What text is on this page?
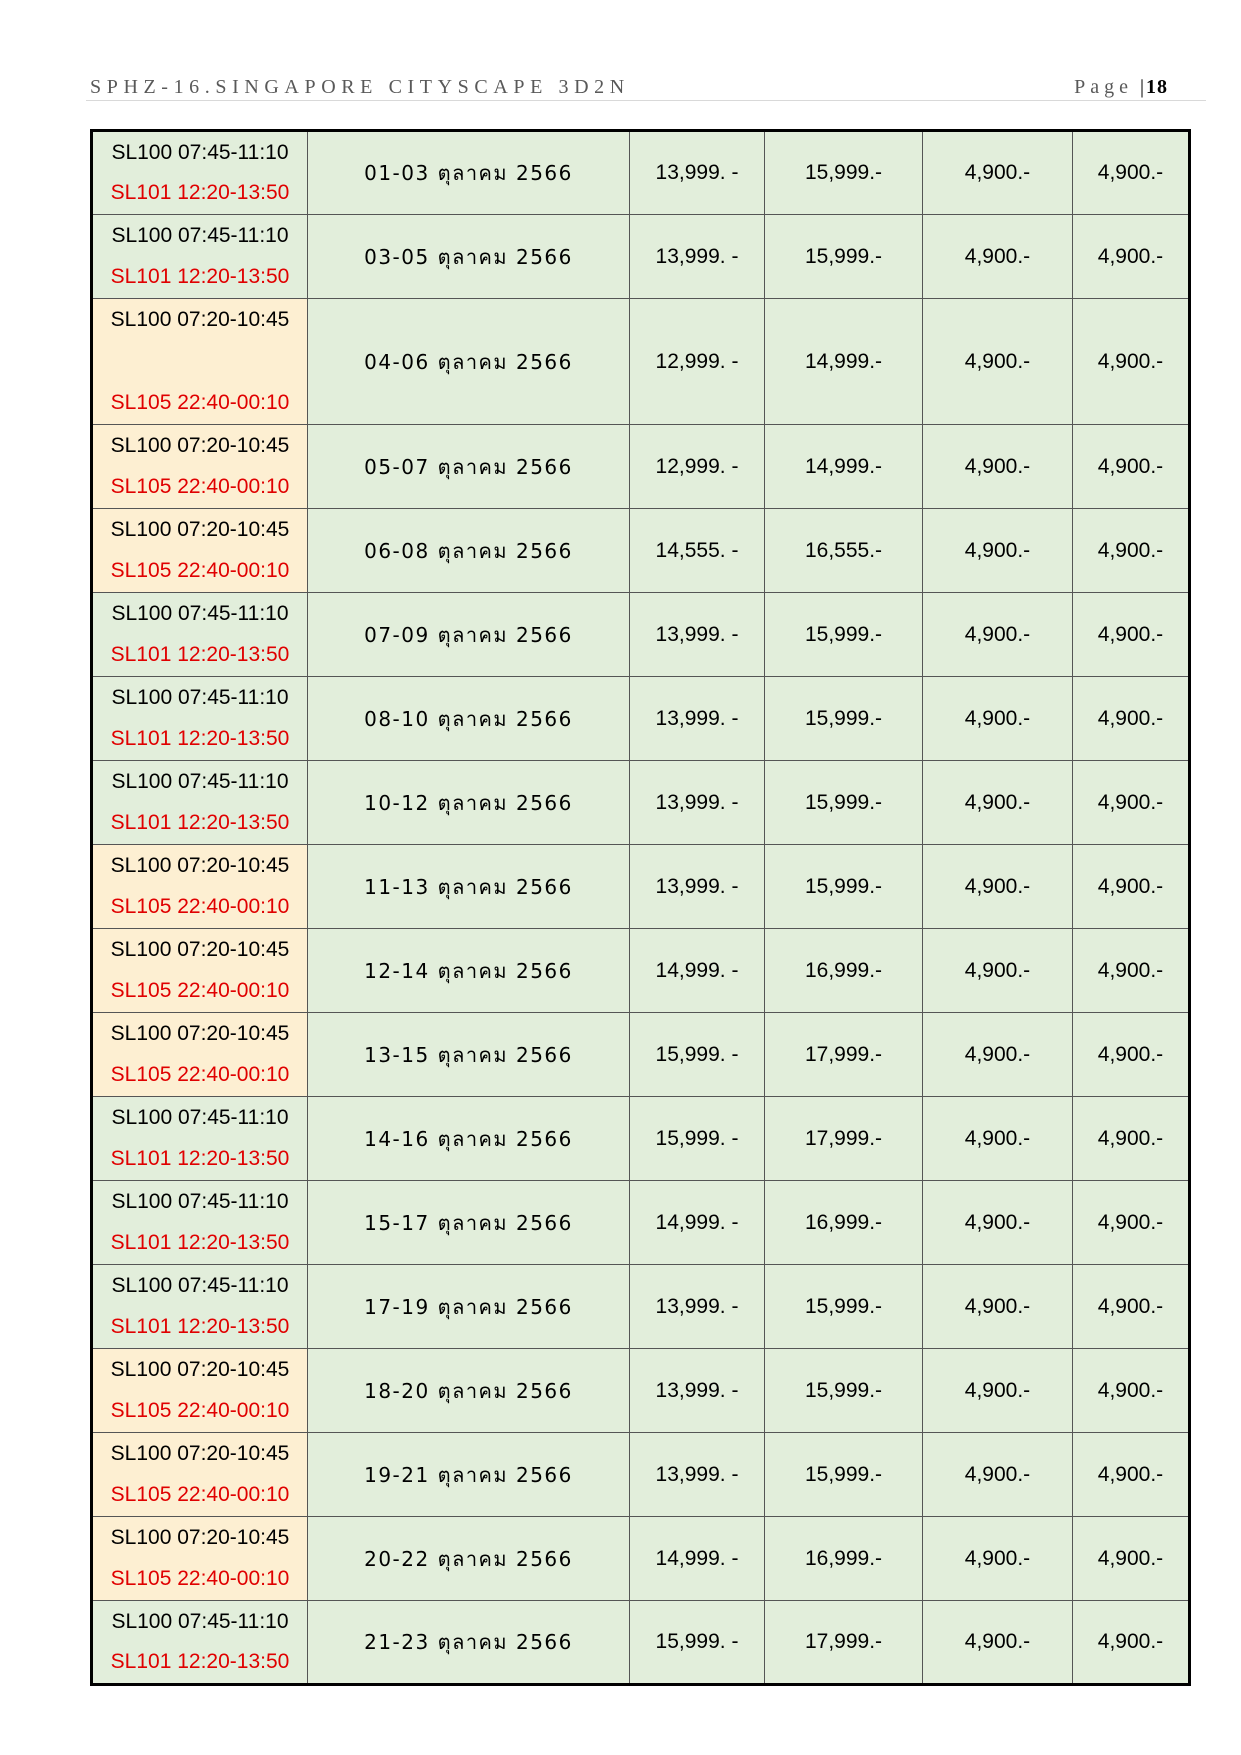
SPHZ-16.SINGAPORE CITYSCAPE 3D2N	Page | 18
SL100 07:45-11:10
SL101 12:20-13:50	01-03 ตุลาคม 2566	13,999. -	15,999.-	4,900.-	4,900.-

SL100 07:45-11:10
SL101 12:20-13:50	03-05 ตุลาคม 2566	13,999. -	15,999.-	4,900.-	4,900.-

SL100 07:20-10:45
SL105 22:40-00:10	04-06 ตุลาคม 2566	12,999. -	14,999.-	4,900.-	4,900.-

SL100 07:20-10:45
SL105 22:40-00:10	05-07 ตุลาคม 2566	12,999. -	14,999.-	4,900.-	4,900.-

SL100 07:20-10:45
SL105 22:40-00:10	06-08 ตุลาคม 2566	14,555. -	16,555.-	4,900.-	4,900.-

SL100 07:45-11:10
SL101 12:20-13:50	07-09 ตุลาคม 2566	13,999. -	15,999.-	4,900.-	4,900.-

SL100 07:45-11:10
SL101 12:20-13:50	08-10 ตุลาคม 2566	13,999. -	15,999.-	4,900.-	4,900.-

SL100 07:45-11:10
SL101 12:20-13:50	10-12 ตุลาคม 2566	13,999. -	15,999.-	4,900.-	4,900.-

SL100 07:20-10:45
SL105 22:40-00:10	11-13 ตุลาคม 2566	13,999. -	15,999.-	4,900.-	4,900.-

SL100 07:20-10:45
SL105 22:40-00:10	12-14 ตุลาคม 2566	14,999. -	16,999.-	4,900.-	4,900.-

SL100 07:20-10:45
SL105 22:40-00:10	13-15 ตุลาคม 2566	15,999. -	17,999.-	4,900.-	4,900.-

SL100 07:45-11:10
SL101 12:20-13:50	14-16 ตุลาคม 2566	15,999. -	17,999.-	4,900.-	4,900.-

SL100 07:45-11:10
SL101 12:20-13:50	15-17 ตุลาคม 2566	14,999. -	16,999.-	4,900.-	4,900.-

SL100 07:45-11:10
SL101 12:20-13:50	17-19 ตุลาคม 2566	13,999. -	15,999.-	4,900.-	4,900.-

SL100 07:20-10:45
SL105 22:40-00:10	18-20 ตุลาคม 2566	13,999. -	15,999.-	4,900.-	4,900.-

SL100 07:20-10:45
SL105 22:40-00:10	19-21 ตุลาคม 2566	13,999. -	15,999.-	4,900.-	4,900.-

SL100 07:20-10:45
SL105 22:40-00:10	20-22 ตุลาคม 2566	14,999. -	16,999.-	4,900.-	4,900.-

SL100 07:45-11:10
SL101 12:20-13:50	21-23 ตุลาคม 2566	15,999. -	17,999.-	4,900.-	4,900.-
